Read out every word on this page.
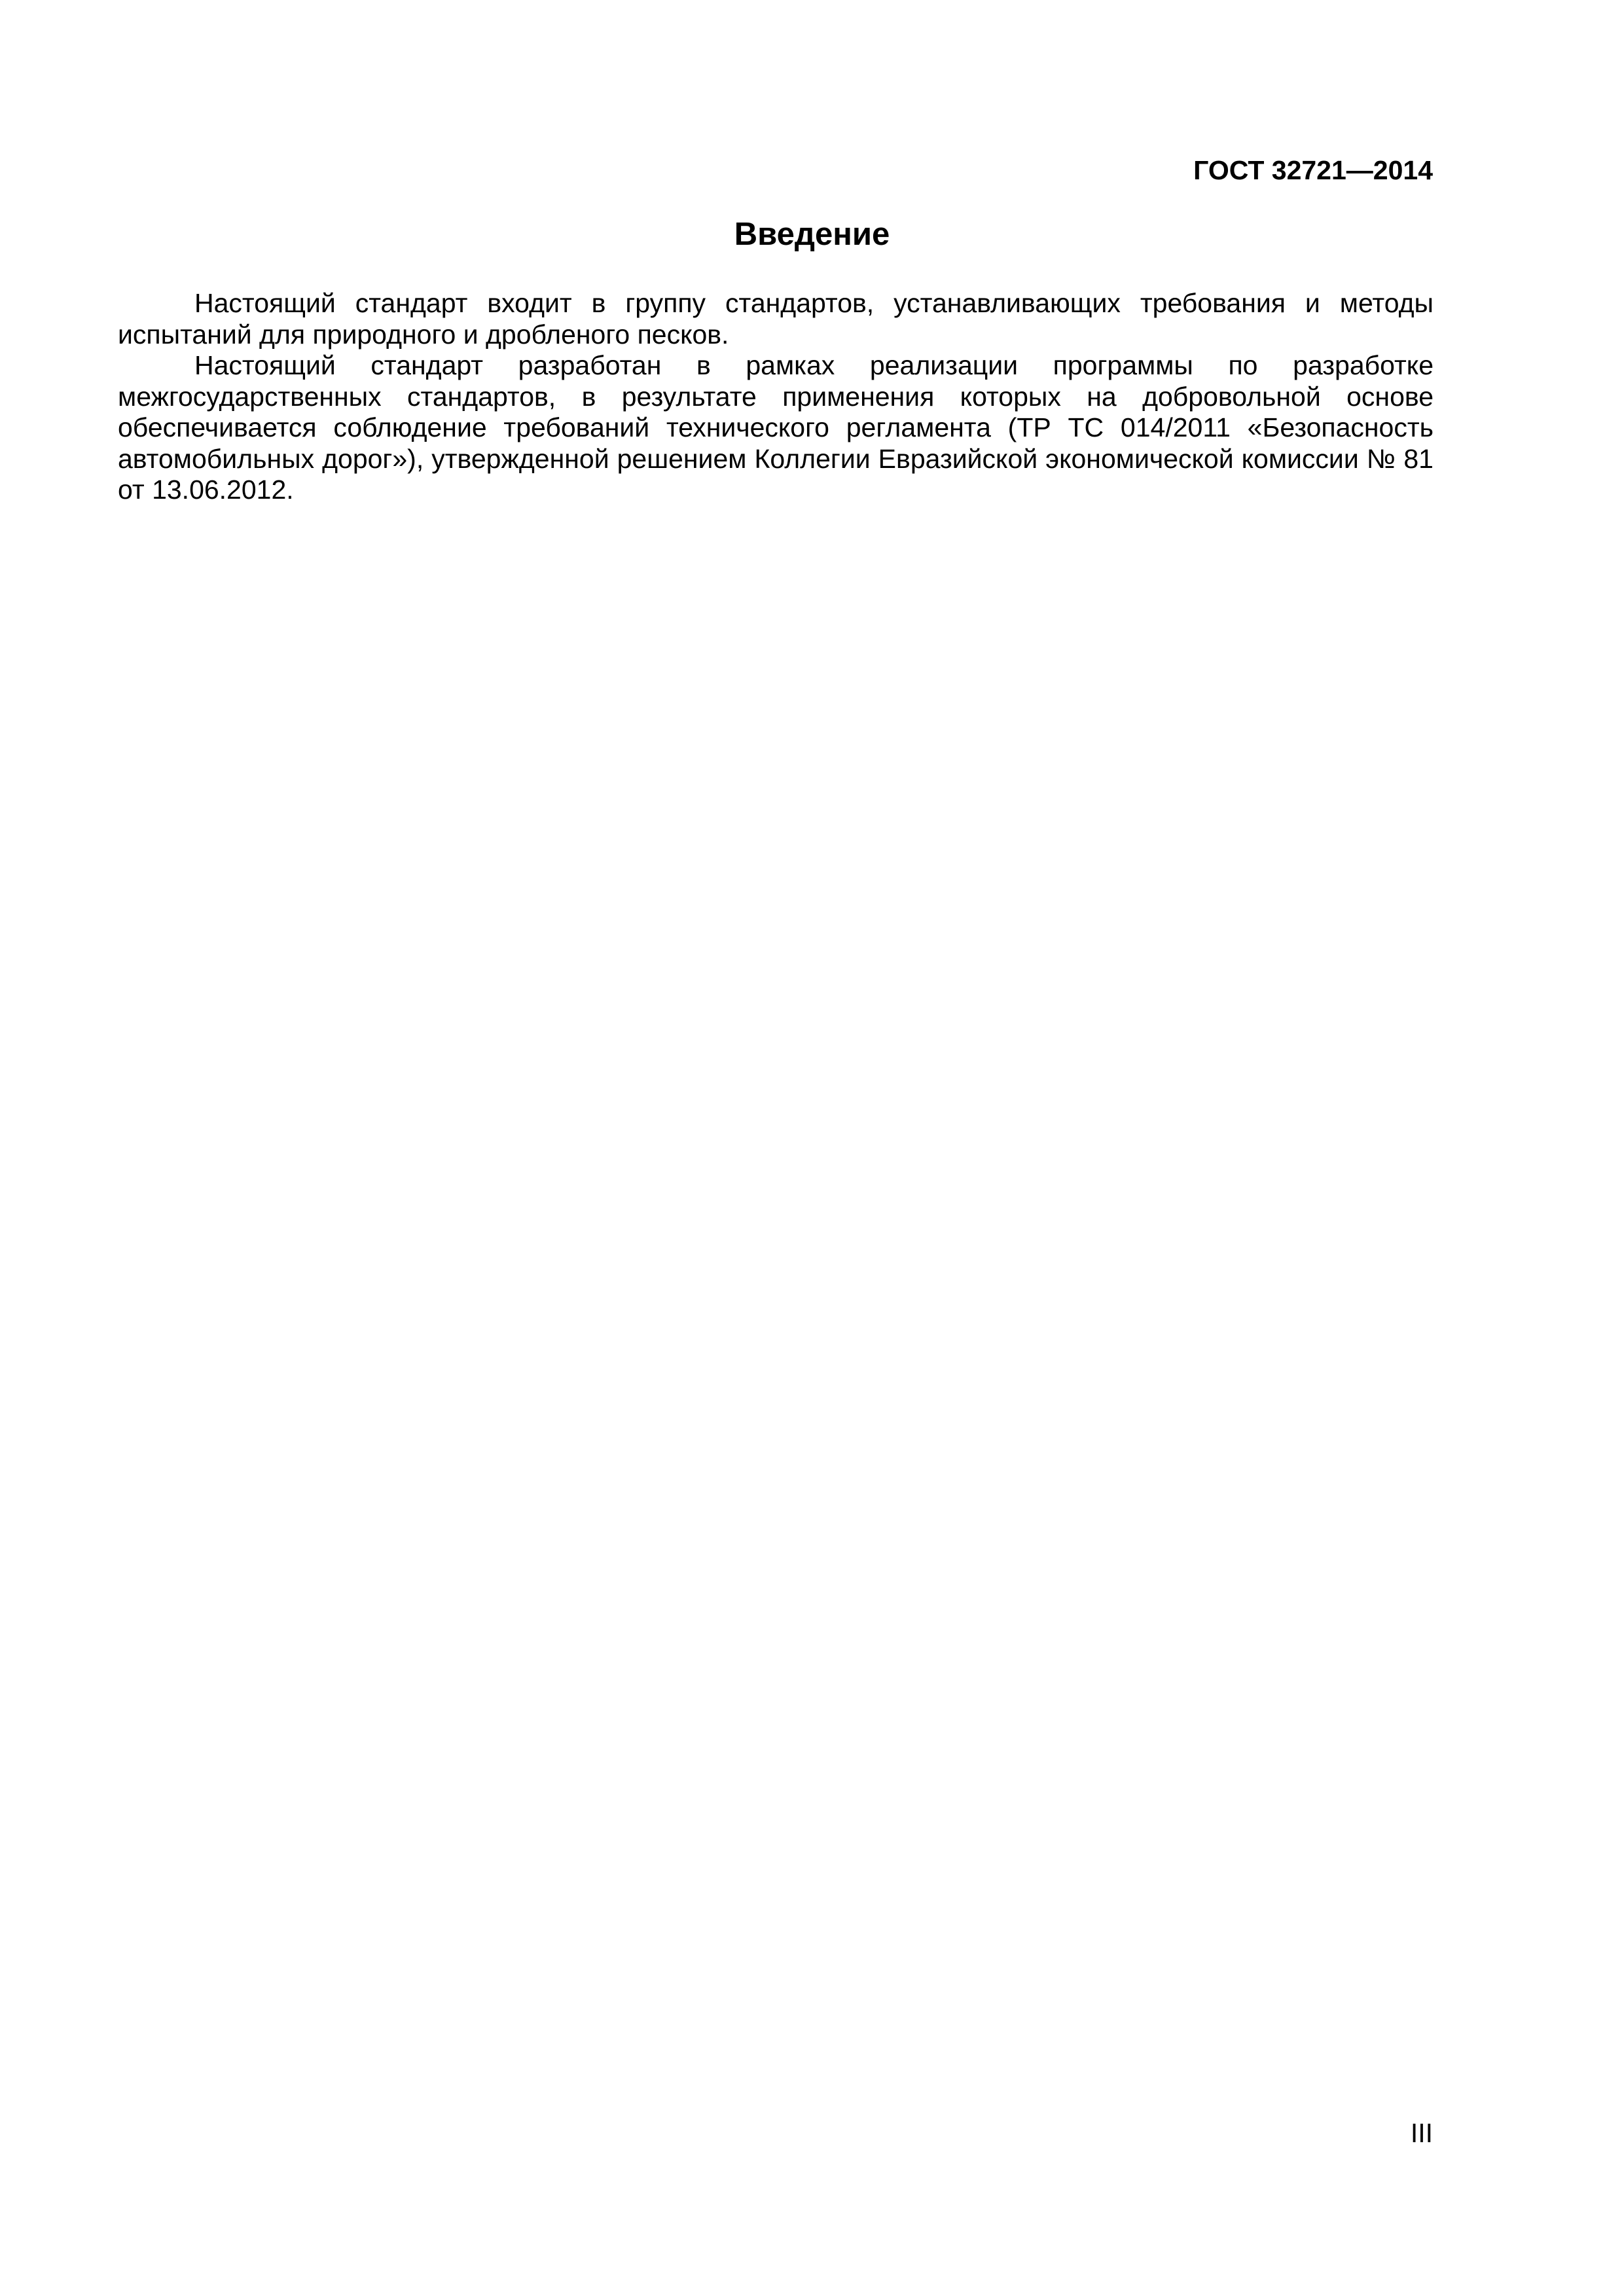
ГОСТ 32721—2014
Введение

Настоящий стандарт входит в группу стандартов, устанавливающих требования и методы испытаний для природного и дробленого песков.

Настоящий стандарт разработан в рамках реализации программы по разработке межгосударственных стандартов, в результате применения которых на добровольной основе обеспечивается соблюдение требований технического регламента (ТР ТС 014/2011 «Безопасность автомобильных дорог»), утвержденной решением Коллегии Евразийской экономической комиссии № 81 от 13.06.2012.

III
